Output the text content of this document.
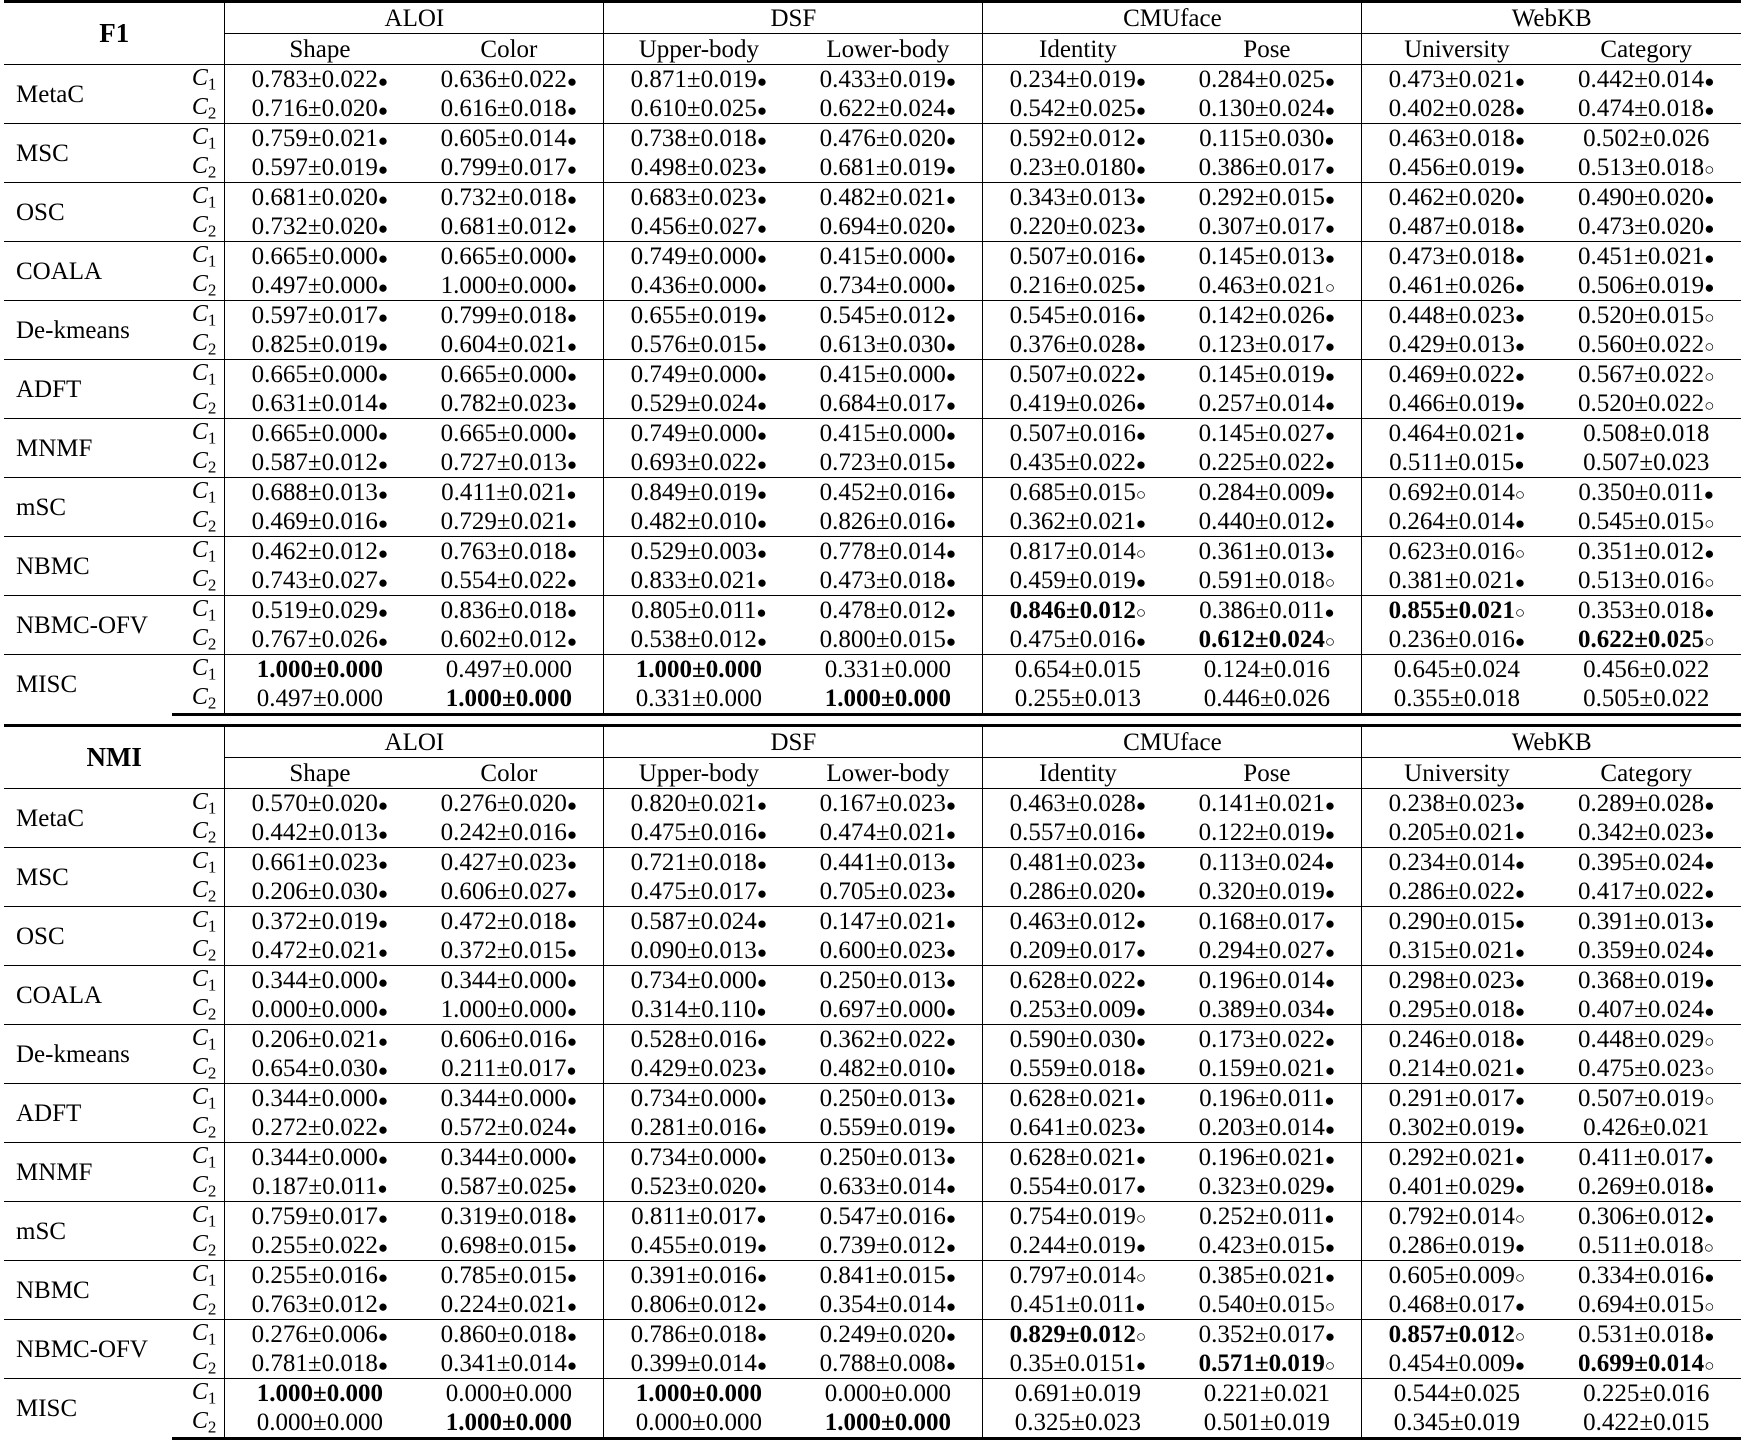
F1		ALOI		DSF		CMUface		WebKB	
		Shape	Color	Upper-body	Lower-body	Identity	Pose	University	Category
MetaC	$C_1$	0.783±0.022 ●	0.636±0.022 ●	0.871±0.019 ●	0.433±0.019 ●	0.234±0.019 ●	0.284±0.025 ●	0.473±0.021 ●	0.442±0.014 ●
	$C_2$	0.716±0.020 ●	0.616±0.018 ●	0.610±0.025 ●	0.622±0.024 ●	0.542±0.025 ●	0.130±0.024 ●	0.402±0.028 ●	0.474±0.018 ●
MSC	$C_1$	0.759±0.021 ●	0.605±0.014 ●	0.738±0.018 ●	0.476±0.020 ●	0.592±0.012 ●	0.115±0.030 ●	0.463±0.018 ●	0.502±0.026
	$C_2$	0.597±0.019 ●	0.799±0.017 ●	0.498±0.023 ●	0.681±0.019 ●	0.23±0.0180 ●	0.386±0.017 ●	0.456±0.019 ●	0.513±0.018 ○
OSC	$C_1$	0.681±0.020 ●	0.732±0.018 ●	0.683±0.023 ●	0.482±0.021 ●	0.343±0.013 ●	0.292±0.015 ●	0.462±0.020 ●	0.490±0.020 ●
	$C_2$	0.732±0.020 ●	0.681±0.012 ●	0.456±0.027 ●	0.694±0.020 ●	0.220±0.023 ●	0.307±0.017 ●	0.487±0.018 ●	0.473±0.020 ●
COALA	$C_1$	0.665±0.000 ●	0.665±0.000 ●	0.749±0.000 ●	0.415±0.000 ●	0.507±0.016 ●	0.145±0.013 ●	0.473±0.018 ●	0.451±0.021 ●
	$C_2$	0.497±0.000 ●	1.000±0.000 ●	0.436±0.000 ●	0.734±0.000 ●	0.216±0.025 ●	0.463±0.021 ○	0.461±0.026 ●	0.506±0.019 ●
De-kmeans	$C_1$	0.597±0.017 ●	0.799±0.018 ●	0.655±0.019 ●	0.545±0.012 ●	0.545±0.016 ●	0.142±0.026 ●	0.448±0.023 ●	0.520±0.015 ○
	$C_2$	0.825±0.019 ●	0.604±0.021 ●	0.576±0.015 ●	0.613±0.030 ●	0.376±0.028 ●	0.123±0.017 ●	0.429±0.013 ●	0.560±0.022 ○
ADFT	$C_1$	0.665±0.000 ●	0.665±0.000 ●	0.749±0.000 ●	0.415±0.000 ●	0.507±0.022 ●	0.145±0.019 ●	0.469±0.022 ●	0.567±0.022 ○
	$C_2$	0.631±0.014 ●	0.782±0.023 ●	0.529±0.024 ●	0.684±0.017 ●	0.419±0.026 ●	0.257±0.014 ●	0.466±0.019 ●	0.520±0.022 ○
MNMF	$C_1$	0.665±0.000 ●	0.665±0.000 ●	0.749±0.000 ●	0.415±0.000 ●	0.507±0.016 ●	0.145±0.027 ●	0.464±0.021 ●	0.508±0.018
	$C_2$	0.587±0.012 ●	0.727±0.013 ●	0.693±0.022 ●	0.723±0.015 ●	0.435±0.022 ●	0.225±0.022 ●	0.511±0.015 ●	0.507±0.023
mSC	$C_1$	0.688±0.013 ●	0.411±0.021 ●	0.849±0.019 ●	0.452±0.016 ●	0.685±0.015 ○	0.284±0.009 ●	0.692±0.014 ○	0.350±0.011 ●
	$C_2$	0.469±0.016 ●	0.729±0.021 ●	0.482±0.010 ●	0.826±0.016 ●	0.362±0.021 ●	0.440±0.012 ●	0.264±0.014 ●	0.545±0.015 ○
NBMC	$C_1$	0.462±0.012 ●	0.763±0.018 ●	0.529±0.003 ●	0.778±0.014 ●	0.817±0.014 ○	0.361±0.013 ●	0.623±0.016 ○	0.351±0.012 ●
	$C_2$	0.743±0.027 ●	0.554±0.022 ●	0.833±0.021 ●	0.473±0.018 ●	0.459±0.019 ●	0.591±0.018 ○	0.381±0.021 ●	0.513±0.016 ○
NBMC-OFV	$C_1$	0.519±0.029 ●	0.836±0.018 ●	0.805±0.011 ●	0.478±0.012 ●	0.846±0.012 ○	0.386±0.011 ●	0.855±0.021 ○	0.353±0.018 ●
	$C_2$	0.767±0.026 ●	0.602±0.012 ●	0.538±0.012 ●	0.800±0.015 ●	0.475±0.016 ●	0.612±0.024 ○	0.236±0.016 ●	0.622±0.025 ○
MISC	$C_1$	1.000±0.000	0.497±0.000	1.000±0.000	0.331±0.000	0.654±0.015	0.124±0.016	0.645±0.024	0.456±0.022
	$C_2$	0.497±0.000	1.000±0.000	0.331±0.000	1.000±0.000	0.255±0.013	0.446±0.026	0.355±0.018	0.505±0.022
NMI		ALOI		DSF		CMUface		WebKB	
		Shape	Color	Upper-body	Lower-body	Identity	Pose	University	Category
MetaC	$C_1$	0.570±0.020 ●	0.276±0.020 ●	0.820±0.021 ●	0.167±0.023 ●	0.463±0.028 ●	0.141±0.021 ●	0.238±0.023 ●	0.289±0.028 ●
	$C_2$	0.442±0.013 ●	0.242±0.016 ●	0.475±0.016 ●	0.474±0.021 ●	0.557±0.016 ●	0.122±0.019 ●	0.205±0.021 ●	0.342±0.023 ●
MSC	$C_1$	0.661±0.023 ●	0.427±0.023 ●	0.721±0.018 ●	0.441±0.013 ●	0.481±0.023 ●	0.113±0.024 ●	0.234±0.014 ●	0.395±0.024 ●
	$C_2$	0.206±0.030 ●	0.606±0.027 ●	0.475±0.017 ●	0.705±0.023 ●	0.286±0.020 ●	0.320±0.019 ●	0.286±0.022 ●	0.417±0.022 ●
OSC	$C_1$	0.372±0.019 ●	0.472±0.018 ●	0.587±0.024 ●	0.147±0.021 ●	0.463±0.012 ●	0.168±0.017 ●	0.290±0.015 ●	0.391±0.013 ●
	$C_2$	0.472±0.021 ●	0.372±0.015 ●	0.090±0.013 ●	0.600±0.023 ●	0.209±0.017 ●	0.294±0.027 ●	0.315±0.021 ●	0.359±0.024 ●
COALA	$C_1$	0.344±0.000 ●	0.344±0.000 ●	0.734±0.000 ●	0.250±0.013 ●	0.628±0.022 ●	0.196±0.014 ●	0.298±0.023 ●	0.368±0.019 ●
	$C_2$	0.000±0.000 ●	1.000±0.000 ●	0.314±0.110 ●	0.697±0.000 ●	0.253±0.009 ●	0.389±0.034 ●	0.295±0.018 ●	0.407±0.024 ●
De-kmeans	$C_1$	0.206±0.021 ●	0.606±0.016 ●	0.528±0.016 ●	0.362±0.022 ●	0.590±0.030 ●	0.173±0.022 ●	0.246±0.018 ●	0.448±0.029 ○
	$C_2$	0.654±0.030 ●	0.211±0.017 ●	0.429±0.023 ●	0.482±0.010 ●	0.559±0.018 ●	0.159±0.021 ●	0.214±0.021 ●	0.475±0.023 ○
ADFT	$C_1$	0.344±0.000 ●	0.344±0.000 ●	0.734±0.000 ●	0.250±0.013 ●	0.628±0.021 ●	0.196±0.011 ●	0.291±0.017 ●	0.507±0.019 ○
	$C_2$	0.272±0.022 ●	0.572±0.024 ●	0.281±0.016 ●	0.559±0.019 ●	0.641±0.023 ●	0.203±0.014 ●	0.302±0.019 ●	0.426±0.021
MNMF	$C_1$	0.344±0.000 ●	0.344±0.000 ●	0.734±0.000 ●	0.250±0.013 ●	0.628±0.021 ●	0.196±0.021 ●	0.292±0.021 ●	0.411±0.017 ●
	$C_2$	0.187±0.011 ●	0.587±0.025 ●	0.523±0.020 ●	0.633±0.014 ●	0.554±0.017 ●	0.323±0.029 ●	0.401±0.029 ●	0.269±0.018 ●
mSC	$C_1$	0.759±0.017 ●	0.319±0.018 ●	0.811±0.017 ●	0.547±0.016 ●	0.754±0.019 ○	0.252±0.011 ●	0.792±0.014 ○	0.306±0.012 ●
	$C_2$	0.255±0.022 ●	0.698±0.015 ●	0.455±0.019 ●	0.739±0.012 ●	0.244±0.019 ●	0.423±0.015 ●	0.286±0.019 ●	0.511±0.018 ○
NBMC	$C_1$	0.255±0.016 ●	0.785±0.015 ●	0.391±0.016 ●	0.841±0.015 ●	0.797±0.014 ○	0.385±0.021 ●	0.605±0.009 ○	0.334±0.016 ●
	$C_2$	0.763±0.012 ●	0.224±0.021 ●	0.806±0.012 ●	0.354±0.014 ●	0.451±0.011 ●	0.540±0.015 ○	0.468±0.017 ●	0.694±0.015 ○
NBMC-OFV	$C_1$	0.276±0.006 ●	0.860±0.018 ●	0.786±0.018 ●	0.249±0.020 ●	0.829±0.012 ○	0.352±0.017 ●	0.857±0.012 ○	0.531±0.018 ●
	$C_2$	0.781±0.018 ●	0.341±0.014 ●	0.399±0.014 ●	0.788±0.008 ●	0.35±0.0151 ●	0.571±0.019 ○	0.454±0.009 ●	0.699±0.014 ○
MISC	$C_1$	1.000±0.000	0.000±0.000	1.000±0.000	0.000±0.000	0.691±0.019	0.221±0.021	0.544±0.025	0.225±0.016
	$C_2$	0.000±0.000	1.000±0.000	0.000±0.000	1.000±0.000	0.325±0.023	0.501±0.019	0.345±0.019	0.422±0.015
